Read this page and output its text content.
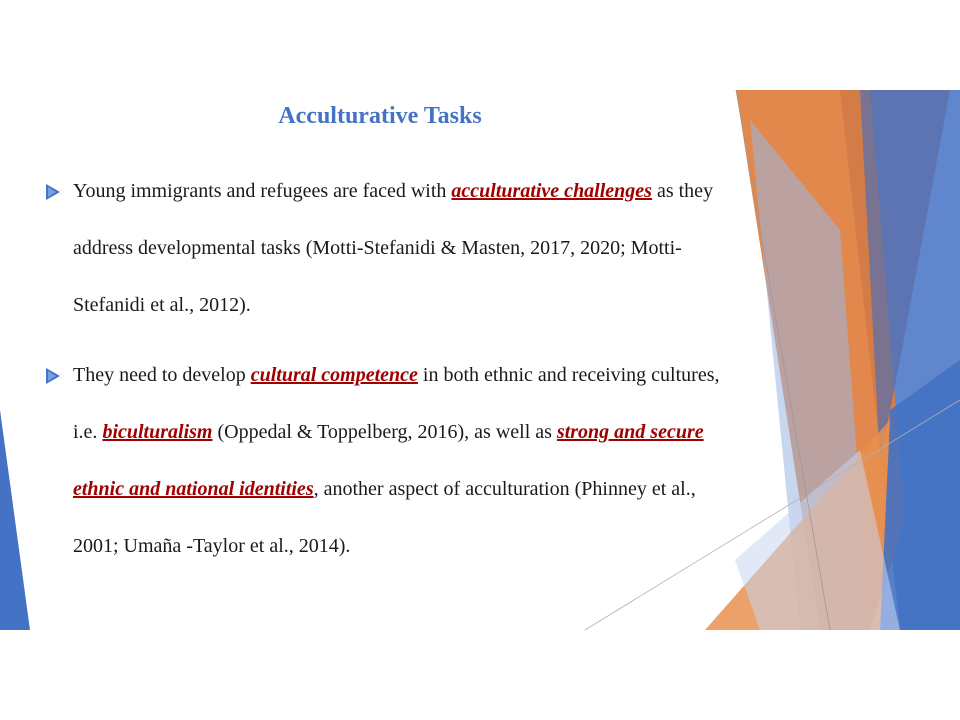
Acculturative Tasks
Young immigrants and refugees are faced with acculturative challenges as they address developmental tasks (Motti-Stefanidi & Masten, 2017, 2020; Motti-Stefanidi et al., 2012).
They need to develop cultural competence in both ethnic and receiving cultures, i.e. biculturalism (Oppedal & Toppelberg, 2016), as well as strong and secure ethnic and national identities, another aspect of acculturation (Phinney et al., 2001; Umaña -Taylor et al., 2014).
